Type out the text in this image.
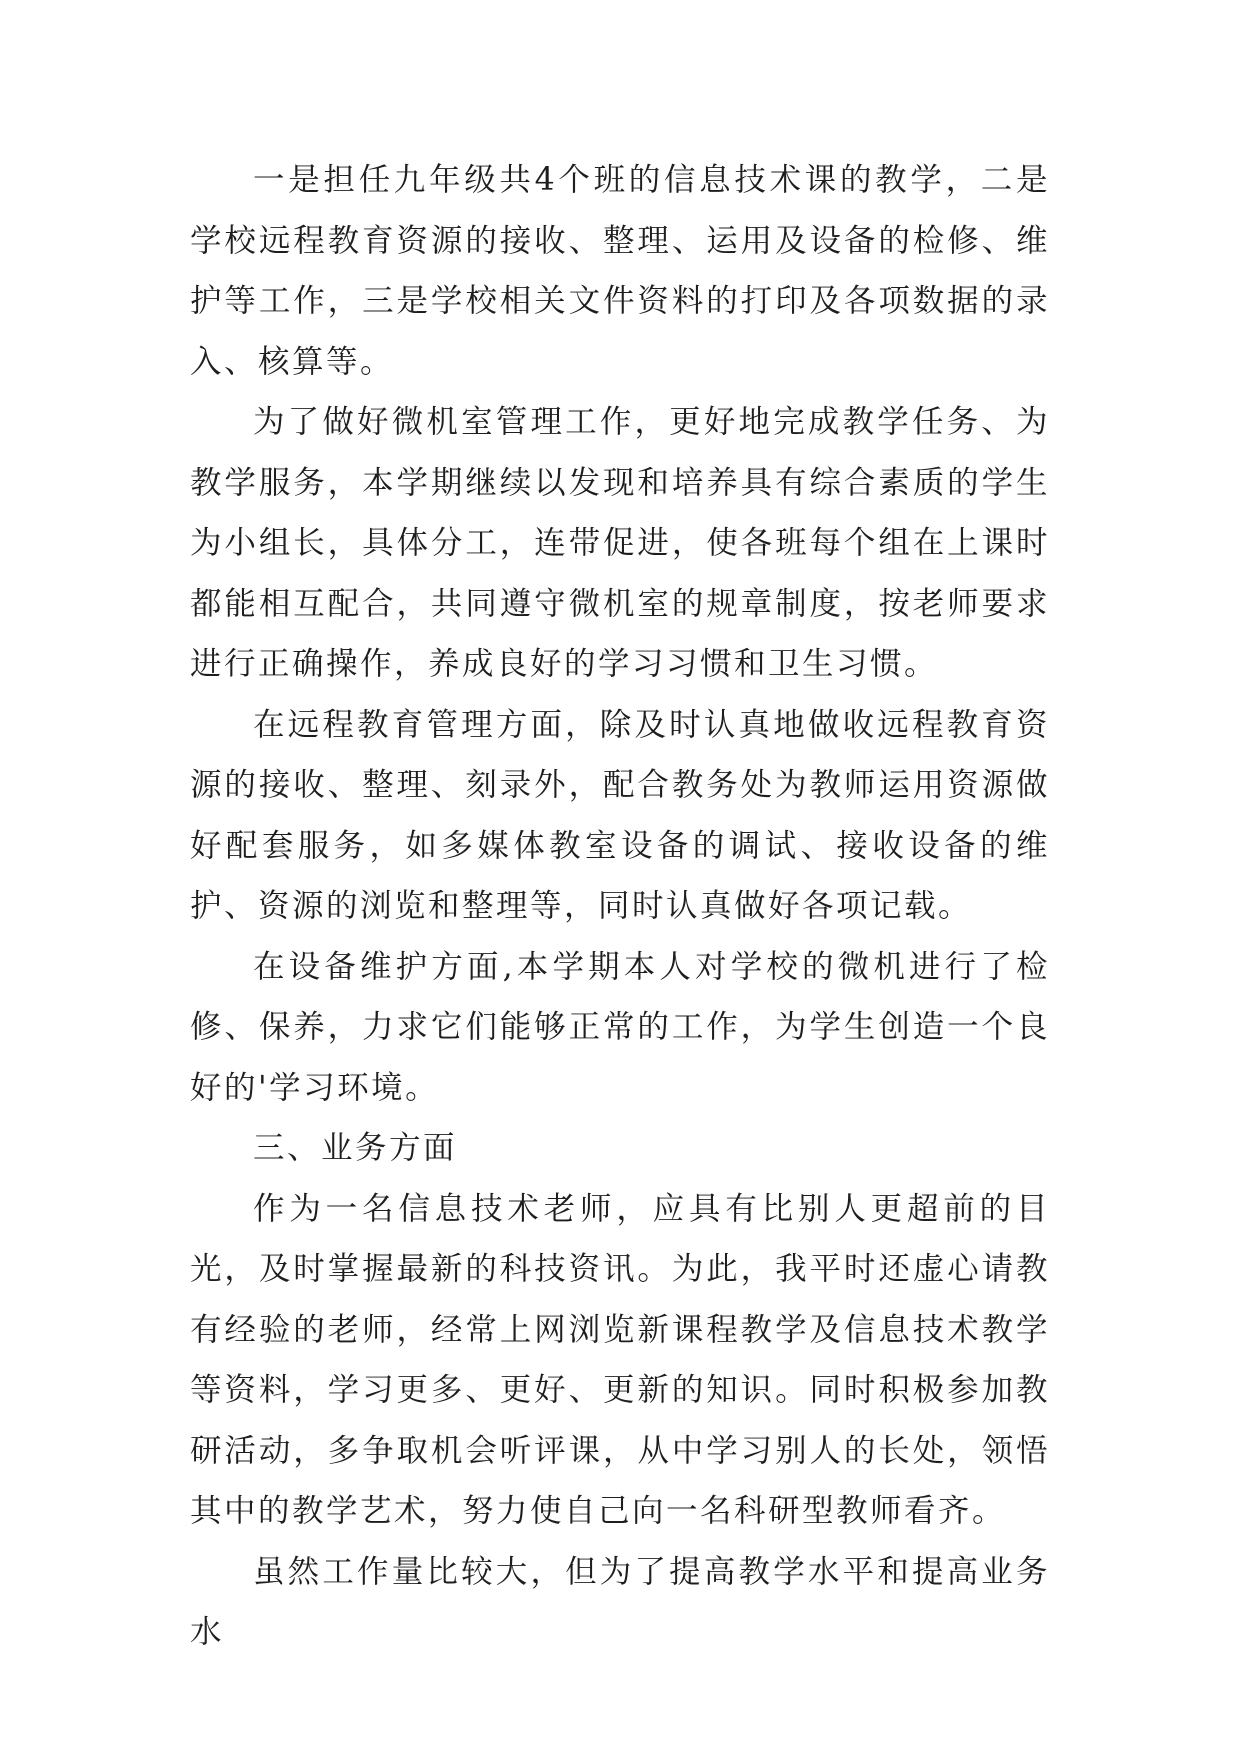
一是担任九年级共4个班的信息技术课的教学，二是学校远程教育资源的接收、整理、运用及设备的检修、维护等工作，三是学校相关文件资料的打印及各项数据的录入、核算等。

为了做好微机室管理工作，更好地完成教学任务、为教学服务，本学期继续以发现和培养具有综合素质的学生为小组长，具体分工，连带促进，使各班每个组在上课时都能相互配合，共同遵守微机室的规章制度，按老师要求进行正确操作，养成良好的学习习惯和卫生习惯。

在远程教育管理方面，除及时认真地做收远程教育资源的接收、整理、刻录外，配合教务处为教师运用资源做好配套服务，如多媒体教室设备的调试、接收设备的维护、资源的浏览和整理等，同时认真做好各项记载。

在设备维护方面,本学期本人对学校的微机进行了检修、保养，力求它们能够正常的工作，为学生创造一个良好的'学习环境。

三、业务方面

作为一名信息技术老师，应具有比别人更超前的目光，及时掌握最新的科技资讯。为此，我平时还虚心请教有经验的老师，经常上网浏览新课程教学及信息技术教学等资料，学习更多、更好、更新的知识。同时积极参加教研活动，多争取机会听评课，从中学习别人的长处，领悟其中的教学艺术，努力使自己向一名科研型教师看齐。

虽然工作量比较大，但为了提高教学水平和提高业务水
